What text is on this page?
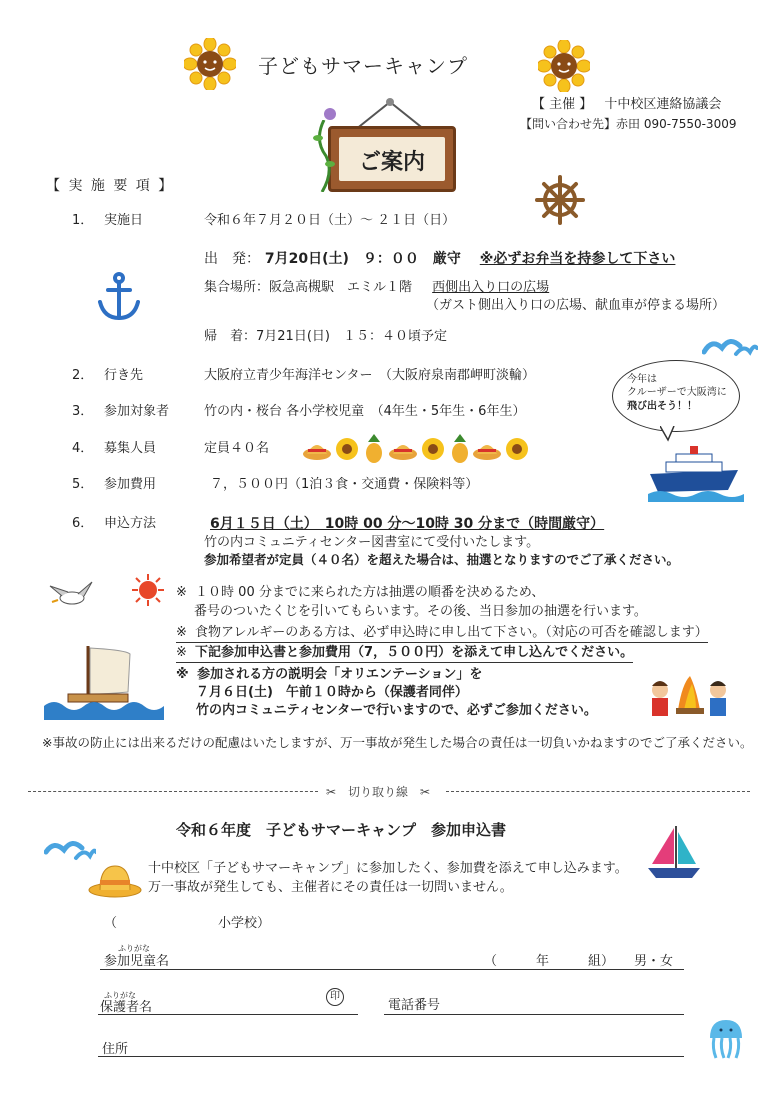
子どもサマーキャンプ
【 主催 】 十中校区連絡協議会
【問い合わせ先】赤田 090-7550-3009
ご案内
【 実 施 要 項 】
1． 実施日	令和６年７月２０日（土）～ ２１日（日）
出　発： 7月20日(土)　９：００　厳守 ※必ずお弁当を持参して下さい
集合場所：阪急高槻駅　エミル１階 西側出入り口の広場
（ガスト側出入り口の広場、献血車が停まる場所）
帰　着：7月21日(日)　１５：４０頃予定
2． 行き先	大阪府立青少年海洋センター　（大阪府泉南郡岬町淡輪）	今年は
クルーザーで大阪湾に
飛び出そう！！
3． 参加対象者	竹の内・桜台 各小学校児童　（4年生・5年生・6年生）
4． 募集人員	定員４０名
5． 参加費用	７，５００円（1泊３食・交通費・保険料等）
6． 申込方法	6月１５日（土）　10時 00 分～10時 30 分まで（時間厳守）
竹の内コミュニティセンター図書室にて受付いたします。
参加希望者が定員（４０名）を超えた場合は、抽選となりますのでご了承ください。
※ １０時 00 分までに来られた方は抽選の順番を決めるため、
番号のついたくじを引いてもらいます。その後、当日参加の抽選を行います。
※ 食物アレルギーのある方は、必ず申込時に申し出て下さい。（対応の可否を確認します）
※ 下記参加申込書と参加費用（7，５００円）を添えて申し込んでください。
※ 参加される方の説明会「オリエンテーション」を
７月６日(土)　午前１０時から（保護者同伴）
竹の内コミュニティセンターで行いますので、必ずご参加ください。
※事故の防止には出来るだけの配慮はいたしますが、万一事故が発生した場合の責任は一切負いかねますのでご了承ください。
✂　切り取り線　✂
令和６年度　子どもサマーキャンプ　参加申込書
十中校区「子どもサマーキャンプ」に参加したく、参加費を添えて申し込みます。
万一事故が発生しても、主催者にその責任は一切問いません。
（	小学校）
ふりがな
参加児童名	（　　　年　　　組） 男・女
ふりがな
保護者名
印
電話番号
住所
